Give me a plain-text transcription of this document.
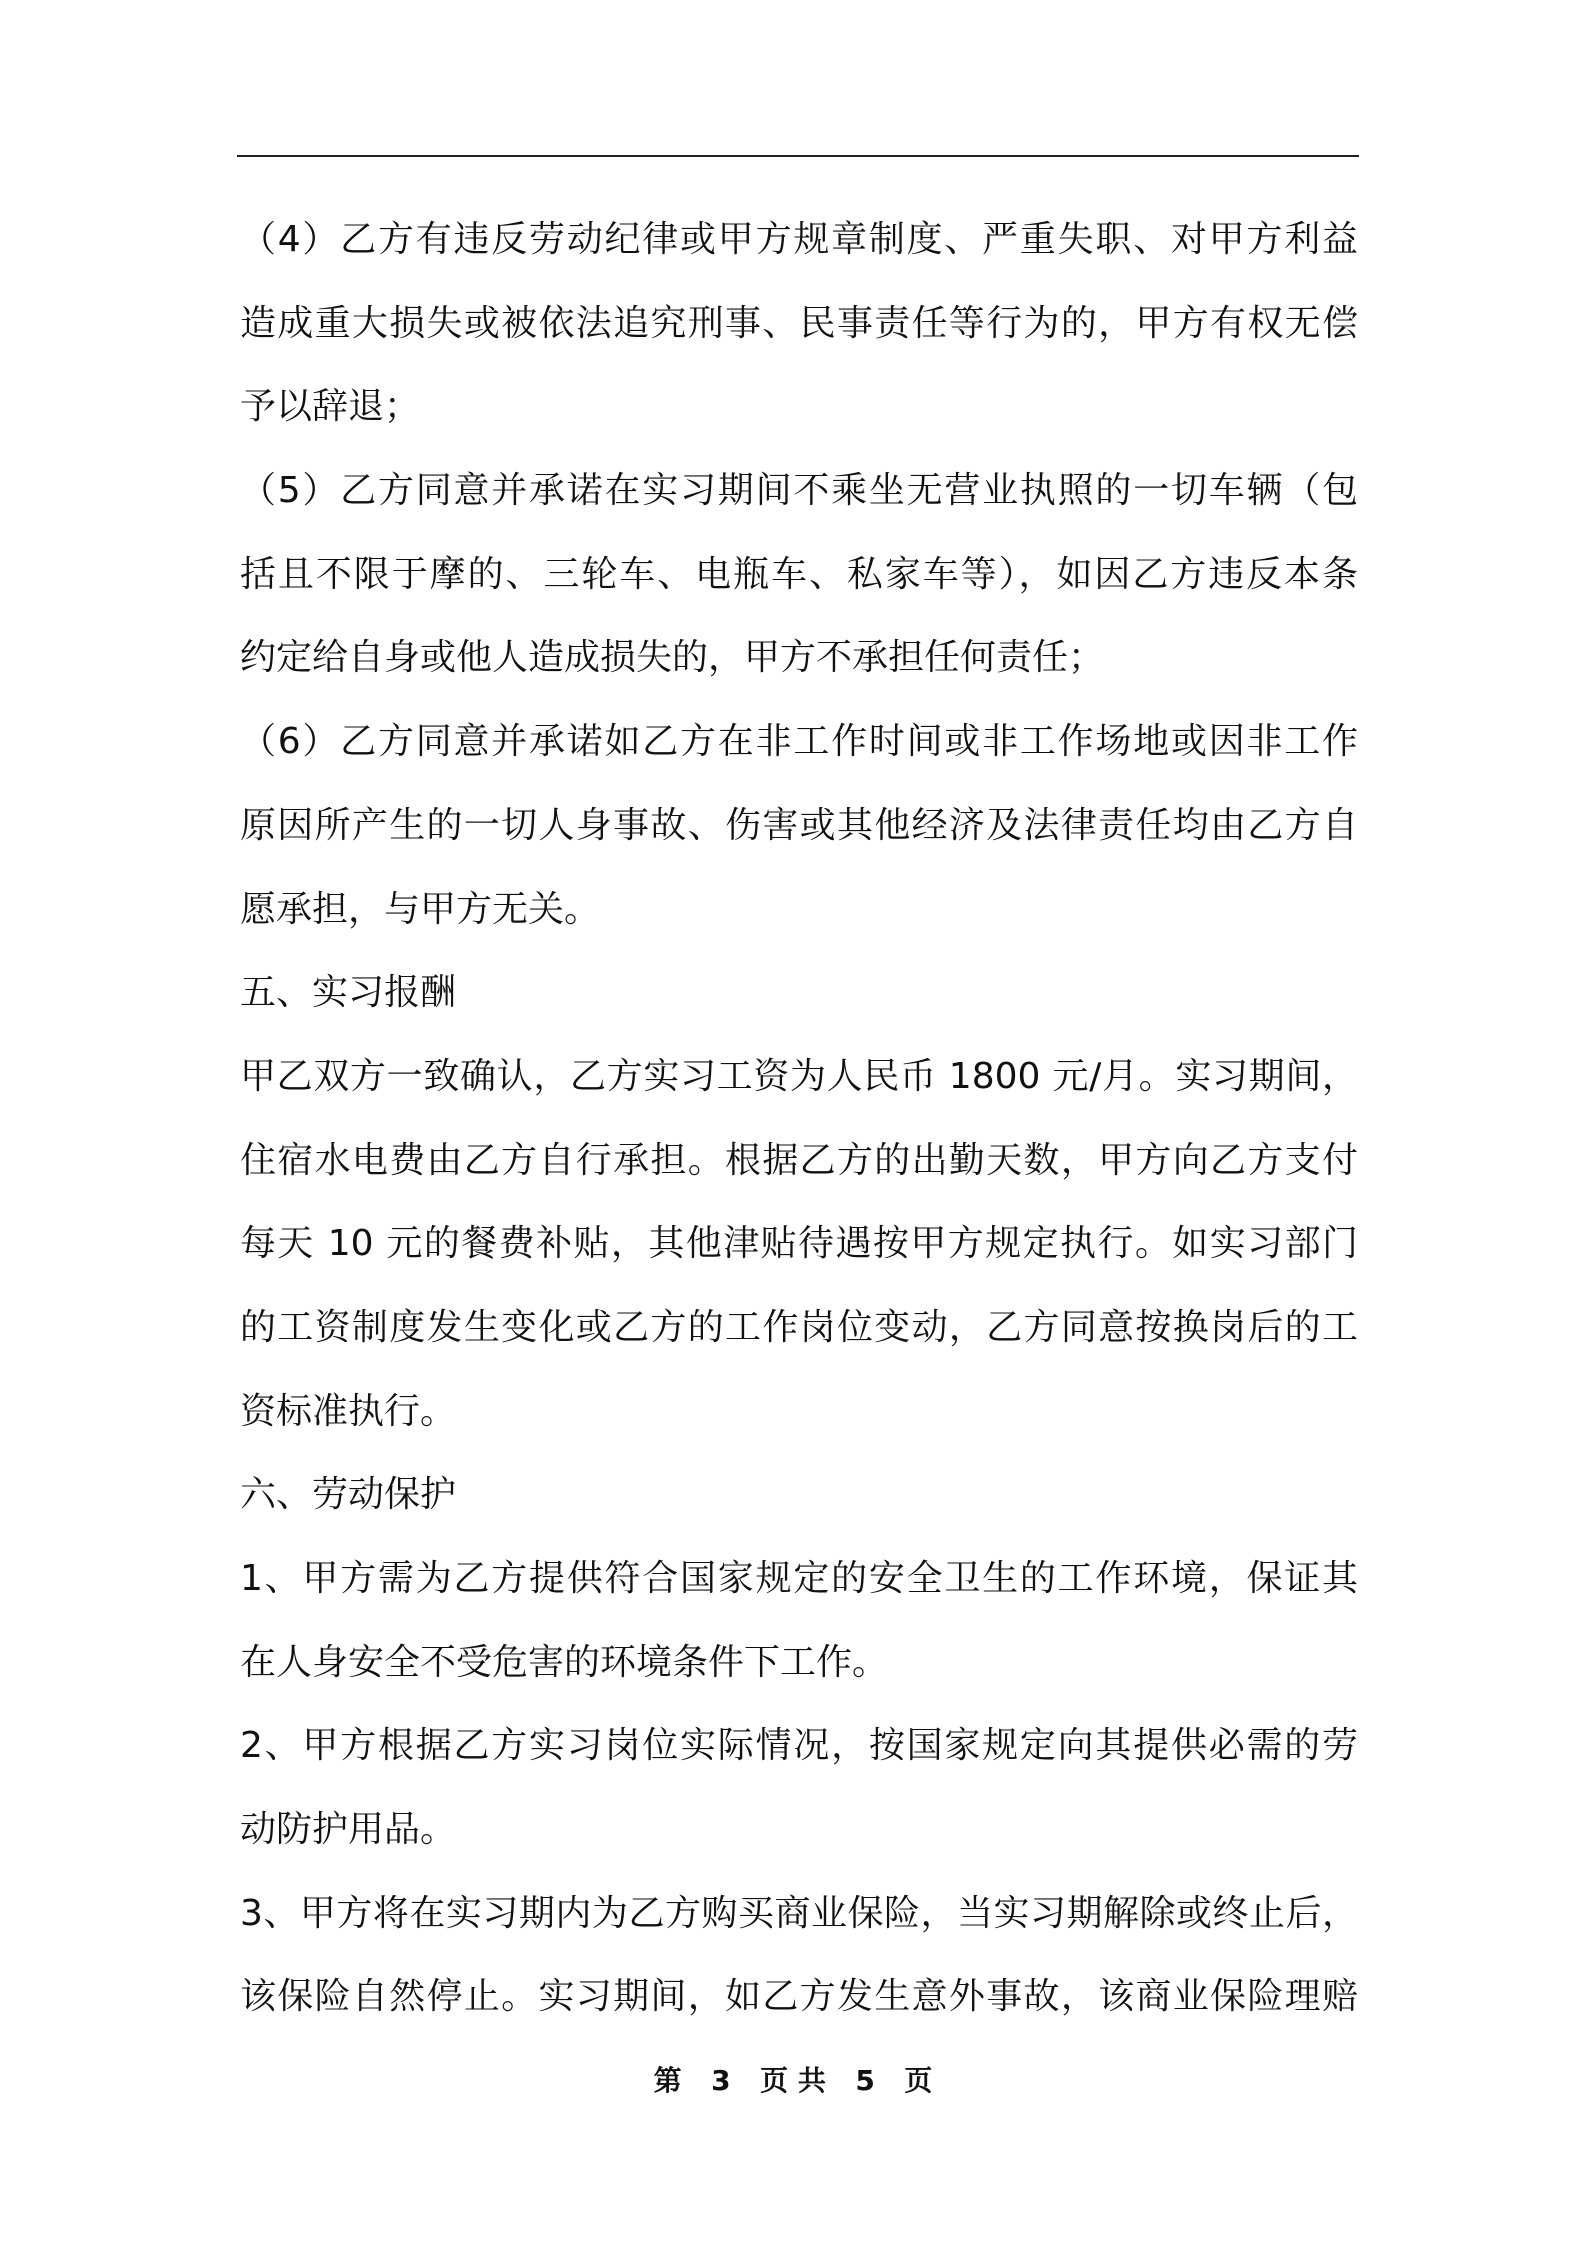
（4）乙方有违反劳动纪律或甲方规章制度、严重失职、对甲方利益
造成重大损失或被依法追究刑事、民事责任等行为的，甲方有权无偿
予以辞退；
（5）乙方同意并承诺在实习期间不乘坐无营业执照的一切车辆（包
括且不限于摩的、三轮车、电瓶车、私家车等），如因乙方违反本条
约定给自身或他人造成损失的，甲方不承担任何责任；
（6）乙方同意并承诺如乙方在非工作时间或非工作场地或因非工作
原因所产生的一切人身事故、伤害或其他经济及法律责任均由乙方自
愿承担，与甲方无关。
五、实习报酬
甲乙双方一致确认，乙方实习工资为人民币 1800 元/月。实习期间，
住宿水电费由乙方自行承担。根据乙方的出勤天数，甲方向乙方支付
每天 10 元的餐费补贴，其他津贴待遇按甲方规定执行。如实习部门
的工资制度发生变化或乙方的工作岗位变动，乙方同意按换岗后的工
资标准执行。
六、劳动保护
1、甲方需为乙方提供符合国家规定的安全卫生的工作环境，保证其
在人身安全不受危害的环境条件下工作。
2、甲方根据乙方实习岗位实际情况，按国家规定向其提供必需的劳
动防护用品。
3、甲方将在实习期内为乙方购买商业保险，当实习期解除或终止后，
该保险自然停止。实习期间，如乙方发生意外事故，该商业保险理赔
第 3 页 共 5 页
